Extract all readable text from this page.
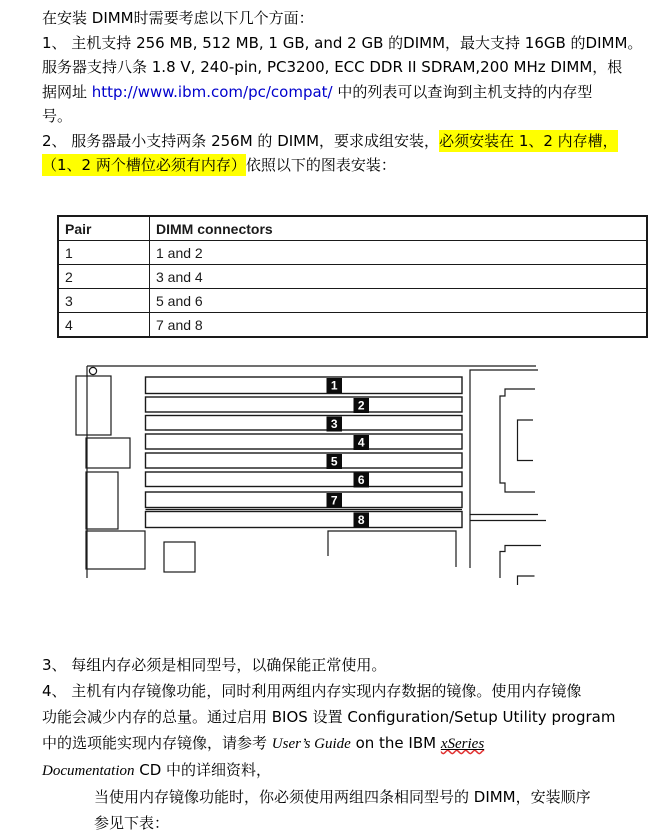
在安装 DIMM时需要考虑以下几个方面：
1、 主机支持 256 MB, 512 MB, 1 GB, and 2 GB 的DIMM，最大支持 16GB 的DIMM。
服务器支持八条 1.8 V, 240-pin, PC3200, ECC DDR II SDRAM,200 MHz DIMM，根
据网址 http://www.ibm.com/pc/compat/ 中的列表可以查询到主机支持的内存型
号。
2、 服务器最小支持两条 256M 的 DIMM，要求成组安装，必须安装在 1、2 内存槽，
（1、2 两个槽位必须有内存）依照以下的图表安装：
Pair	DIMM connectors
1	1 and 2
2	3 and 4
3	5 and 6
4	7 and 8
1
2
3
4
5
6
7
8
3、 每组内存必须是相同型号，以确保能正常使用。
4、 主机有内存镜像功能，同时利用两组内存实现内存数据的镜像。使用内存镜像
功能会减少内存的总量。通过启用 BIOS 设置 Configuration/Setup Utility program
中的选项能实现内存镜像，请参考 User’s Guide on the IBM xSeries
Documentation CD 中的详细资料，
当使用内存镜像功能时，你必须使用两组四条相同型号的 DIMM，安装顺序
参见下表：
